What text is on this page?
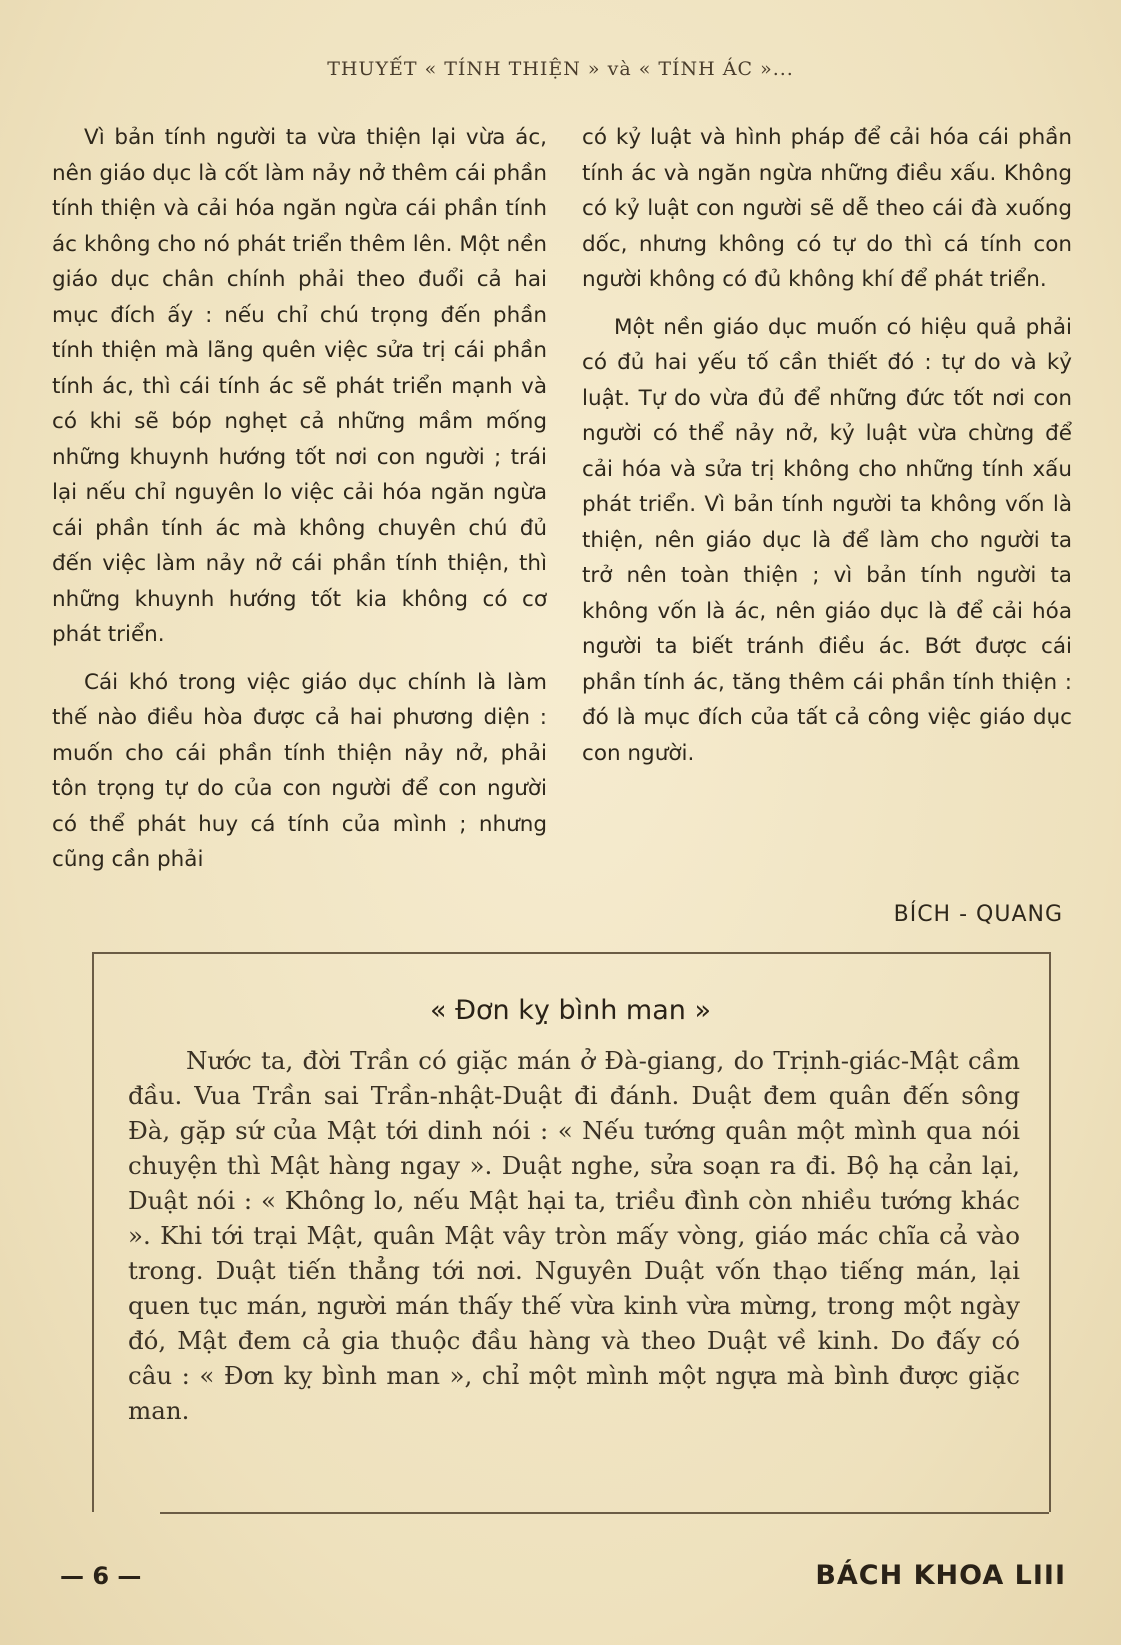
THUYẾT « TÍNH THIỆN » và « TÍNH ÁC »...

Vì bản tính người ta vừa thiện lại vừa ác, nên giáo dục là cốt làm nảy nở thêm cái phần tính thiện và cải hóa ngăn ngừa cái phần tính ác không cho nó phát triển thêm lên. Một nền giáo dục chân chính phải theo đuổi cả hai mục đích ấy : nếu chỉ chú trọng đến phần tính thiện mà lãng quên việc sửa trị cái phần tính ác, thì cái tính ác sẽ phát triển mạnh và có khi sẽ bóp nghẹt cả những mầm mống những khuynh hướng tốt nơi con người ; trái lại nếu chỉ nguyên lo việc cải hóa ngăn ngừa cái phần tính ác mà không chuyên chú đủ đến việc làm nảy nở cái phần tính thiện, thì những khuynh hướng tốt kia không có cơ phát triển.

Cái khó trong việc giáo dục chính là làm thế nào điều hòa được cả hai phương diện : muốn cho cái phần tính thiện nảy nở, phải tôn trọng tự do của con người để con người có thể phát huy cá tính của mình ; nhưng cũng cần phải

có kỷ luật và hình pháp để cải hóa cái phần tính ác và ngăn ngừa những điều xấu. Không có kỷ luật con người sẽ dễ theo cái đà xuống dốc, nhưng không có tự do thì cá tính con người không có đủ không khí để phát triển.

Một nền giáo dục muốn có hiệu quả phải có đủ hai yếu tố cần thiết đó : tự do và kỷ luật. Tự do vừa đủ để những đức tốt nơi con người có thể nảy nở, kỷ luật vừa chừng để cải hóa và sửa trị không cho những tính xấu phát triển. Vì bản tính người ta không vốn là thiện, nên giáo dục là để làm cho người ta trở nên toàn thiện ; vì bản tính người ta không vốn là ác, nên giáo dục là để cải hóa người ta biết tránh điều ác. Bớt được cái phần tính ác, tăng thêm cái phần tính thiện : đó là mục đích của tất cả công việc giáo dục con người.

BÍCH - QUANG
« Đơn kỵ bình man »

Nước ta, đời Trần có giặc mán ở Đà-giang, do Trịnh-giác-Mật cầm đầu. Vua Trần sai Trần-nhật-Duật đi đánh. Duật đem quân đến sông Đà, gặp sứ của Mật tới dinh nói : « Nếu tướng quân một mình qua nói chuyện thì Mật hàng ngay ». Duật nghe, sửa soạn ra đi. Bộ hạ cản lại, Duật nói : « Không lo, nếu Mật hại ta, triều đình còn nhiều tướng khác ». Khi tới trại Mật, quân Mật vây tròn mấy vòng, giáo mác chĩa cả vào trong. Duật tiến thẳng tới nơi. Nguyên Duật vốn thạo tiếng mán, lại quen tục mán, người mán thấy thế vừa kinh vừa mừng, trong một ngày đó, Mật đem cả gia thuộc đầu hàng và theo Duật về kinh. Do đấy có câu : « Đơn kỵ bình man », chỉ một mình một ngựa mà bình được giặc man.

— 6 —	BÁCH KHOA LIII
